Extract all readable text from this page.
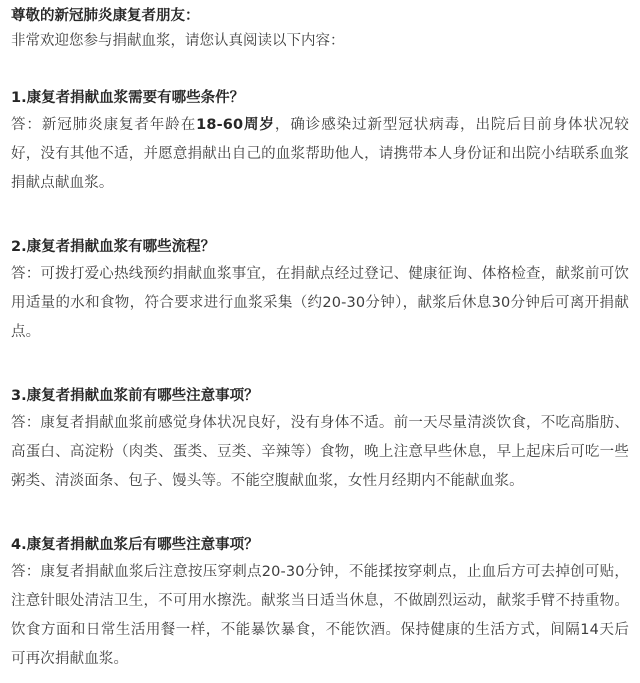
尊敬的新冠肺炎康复者朋友：

非常欢迎您参与捐献血浆，请您认真阅读以下内容：

1.康复者捐献血浆需要有哪些条件？

答：新冠肺炎康复者年龄在18-60周岁，确诊感染过新型冠状病毒，出院后目前身体状况较好，没有其他不适，并愿意捐献出自己的血浆帮助他人，请携带本人身份证和出院小结联系血浆捐献点献血浆。

2.康复者捐献血浆有哪些流程？

答：可拨打爱心热线预约捐献血浆事宜，在捐献点经过登记、健康征询、体格检查，献浆前可饮用适量的水和食物，符合要求进行血浆采集（约20-30分钟），献浆后休息30分钟后可离开捐献点。

3.康复者捐献血浆前有哪些注意事项？

答：康复者捐献血浆前感觉身体状况良好，没有身体不适。前一天尽量清淡饮食，不吃高脂肪、高蛋白、高淀粉（肉类、蛋类、豆类、辛辣等）食物，晚上注意早些休息，早上起床后可吃一些粥类、清淡面条、包子、馒头等。不能空腹献血浆，女性月经期内不能献血浆。

4.康复者捐献血浆后有哪些注意事项？

答：康复者捐献血浆后注意按压穿刺点20-30分钟，不能揉按穿刺点，止血后方可去掉创可贴，注意针眼处清洁卫生，不可用水擦洗。献浆当日适当休息，不做剧烈运动，献浆手臂不持重物。饮食方面和日常生活用餐一样，不能暴饮暴食，不能饮酒。保持健康的生活方式，间隔14天后可再次捐献血浆。
